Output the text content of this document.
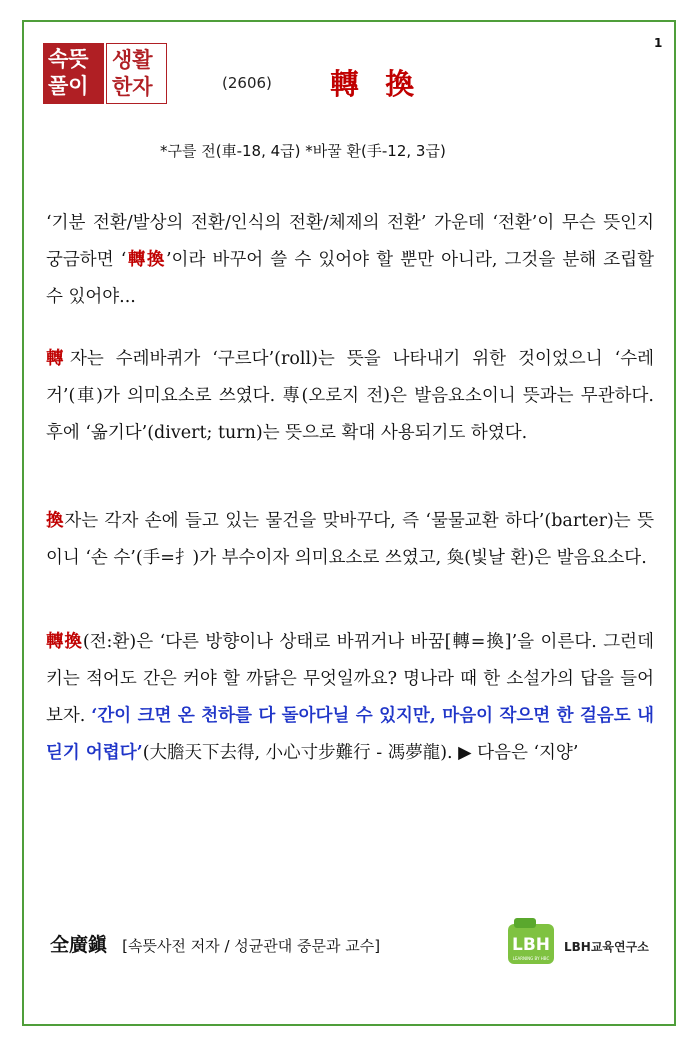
1
속뜻
풀이
생활
한자	(2606) 轉 換
*구를 전(車-18, 4급) *바꿀 환(手-12, 3급)

‘기분 전환/발상의 전환/인식의 전환/체제의 전환’ 가운데 ‘전환’이 무슨 뜻인지 궁금하면 ‘轉換’이라 바꾸어 쓸 수 있어야 할 뿐만 아니라, 그것을 분해 조립할 수 있어야...

轉자는 수레바퀴가 ‘구르다’(roll)는 뜻을 나타내기 위한 것이었으니 ‘수레 거’(車)가 의미요소로 쓰였다. 專(오로지 전)은 발음요소이니 뜻과는 무관하다. 후에 ‘옮기다’(divert; turn)는 뜻으로 확대 사용되기도 하였다.

換자는 각자 손에 들고 있는 물건을 맞바꾸다, 즉 ‘물물교환 하다’(barter)는 뜻이니 ‘손 수’(手=扌)가 부수이자 의미요소로 쓰였고, 奐(빛날 환)은 발음요소다.

轉換(전:환)은 ‘다른 방향이나 상태로 바뀌거나 바꿈[轉=換]’을 이른다. 그런데 키는 적어도 간은 커야 할 까닭은 무엇일까요? 명나라 때 한 소설가의 답을 들어보자. ‘간이 크면 온 천하를 다 돌아다닐 수 있지만, 마음이 작으면 한 걸음도 내딛기 어렵다’(大膽天下去得, 小心寸步難行 - 馮夢龍). ▶ 다음은 ‘지양’

全廣鎭 [속뜻사전 저자 / 성균관대 중문과 교수]	LBH
LEARNING BY HBC
LBH교육연구소
